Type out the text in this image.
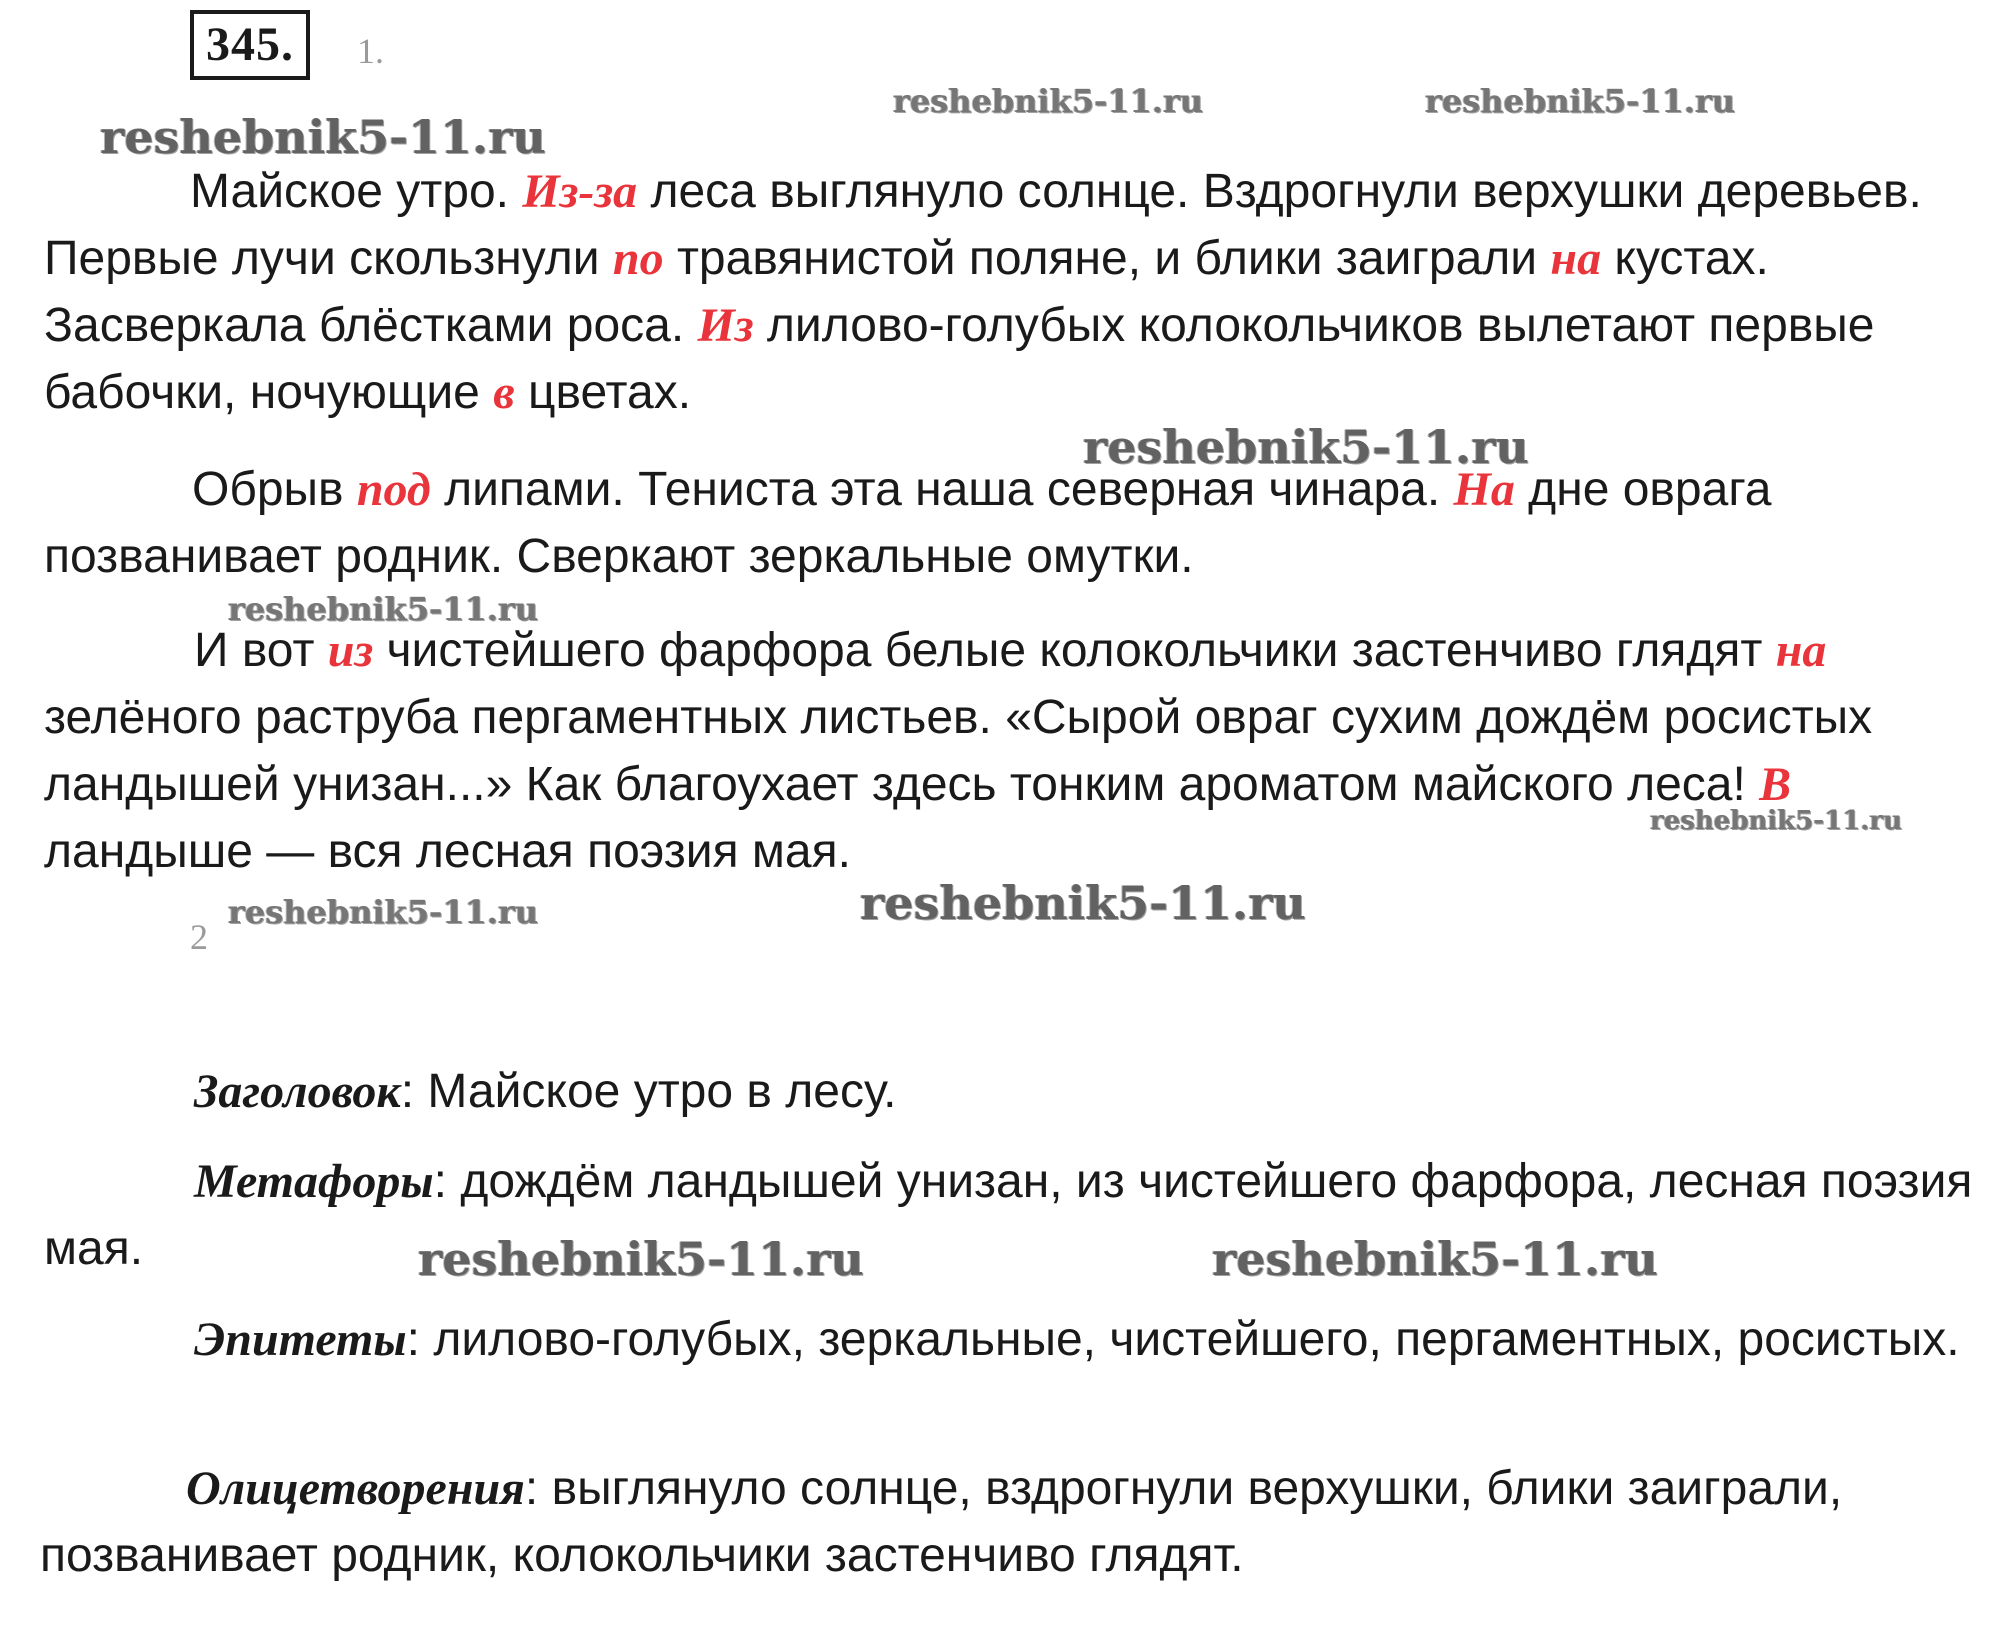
345.	1.

Майское утро. Из-за леса выглянуло солнце. Вздрогнули верхушки деревьев. Первые лучи скользнули по травянистой поляне, и блики заиграли на кустах. Засверкала блёстками роса. Из лилово-голубых колокольчиков вылетают первые бабочки, ночующие в цветах.

Обрыв под липами. Тениста эта наша северная чинара. На дне оврага позванивает родник. Сверкают зеркальные омутки.

И вот из чистейшего фарфора белые колокольчики застенчиво глядят на зелёного раструба пергаментных листьев. «Сырой овраг сухим дождём росистых ландышей унизан...» Как благоухает здесь тонким ароматом майского леса! В ландыше — вся лесная поэзия мая.

2

Заголовок: Майское утро в лесу.

Метафоры: дождём ландышей унизан, из чистейшего фарфора, лесная поэзия мая.

Эпитеты: лилово-голубых, зеркальные, чистейшего, пергаментных, росистых.

Олицетворения: выглянуло солнце, вздрогнули верхушки, блики заиграли, позванивает родник, колокольчики застенчиво глядят.

reshebnik5-11.ru
reshebnik5-11.ru	reshebnik5-11.ru
reshebnik5-11.ru
reshebnik5-11.ru
reshebnik5-11.ru
reshebnik5-11.ru	reshebnik5-11.ru
reshebnik5-11.ru	reshebnik5-11.ru
